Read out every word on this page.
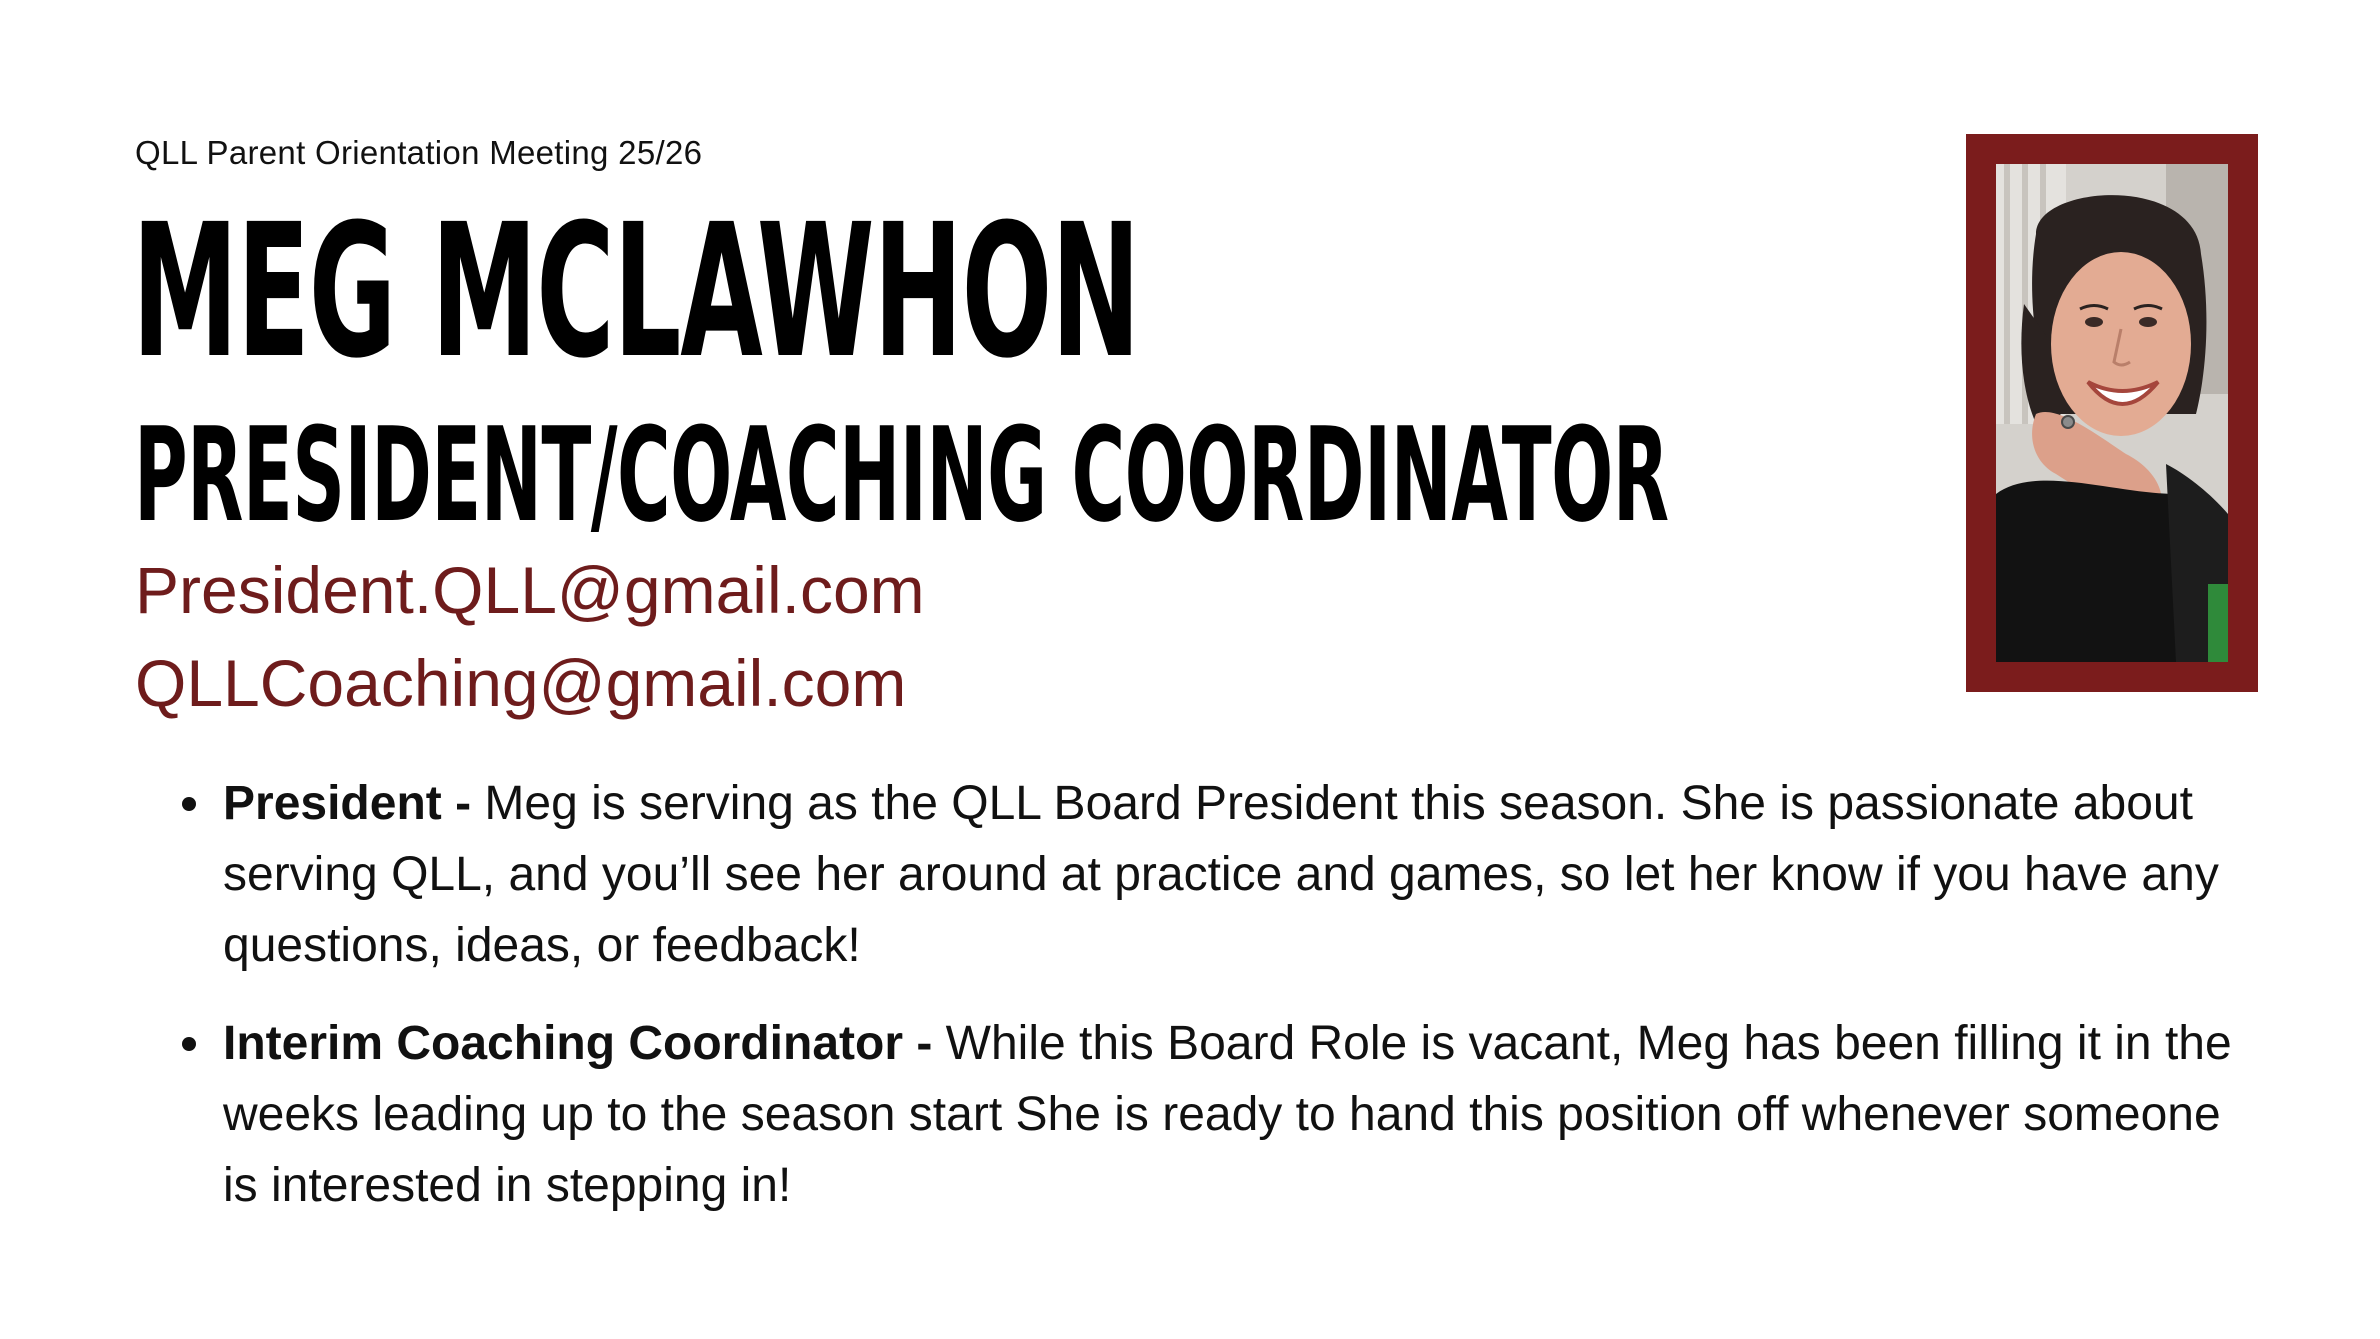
QLL Parent Orientation Meeting 25/26
MEG MCLAWHON
PRESIDENT/COACHING COORDINATOR
President.QLL@gmail.com
QLLCoaching@gmail.com
President - Meg is serving as the QLL Board President this season. She is passionate about serving QLL, and you’ll see her around at practice and games, so let her know if you have any questions, ideas, or feedback!
Interim Coaching Coordinator - While this Board Role is vacant, Meg has been filling it in the weeks leading up to the season start She is ready to hand this position off whenever someone is interested in stepping in!
